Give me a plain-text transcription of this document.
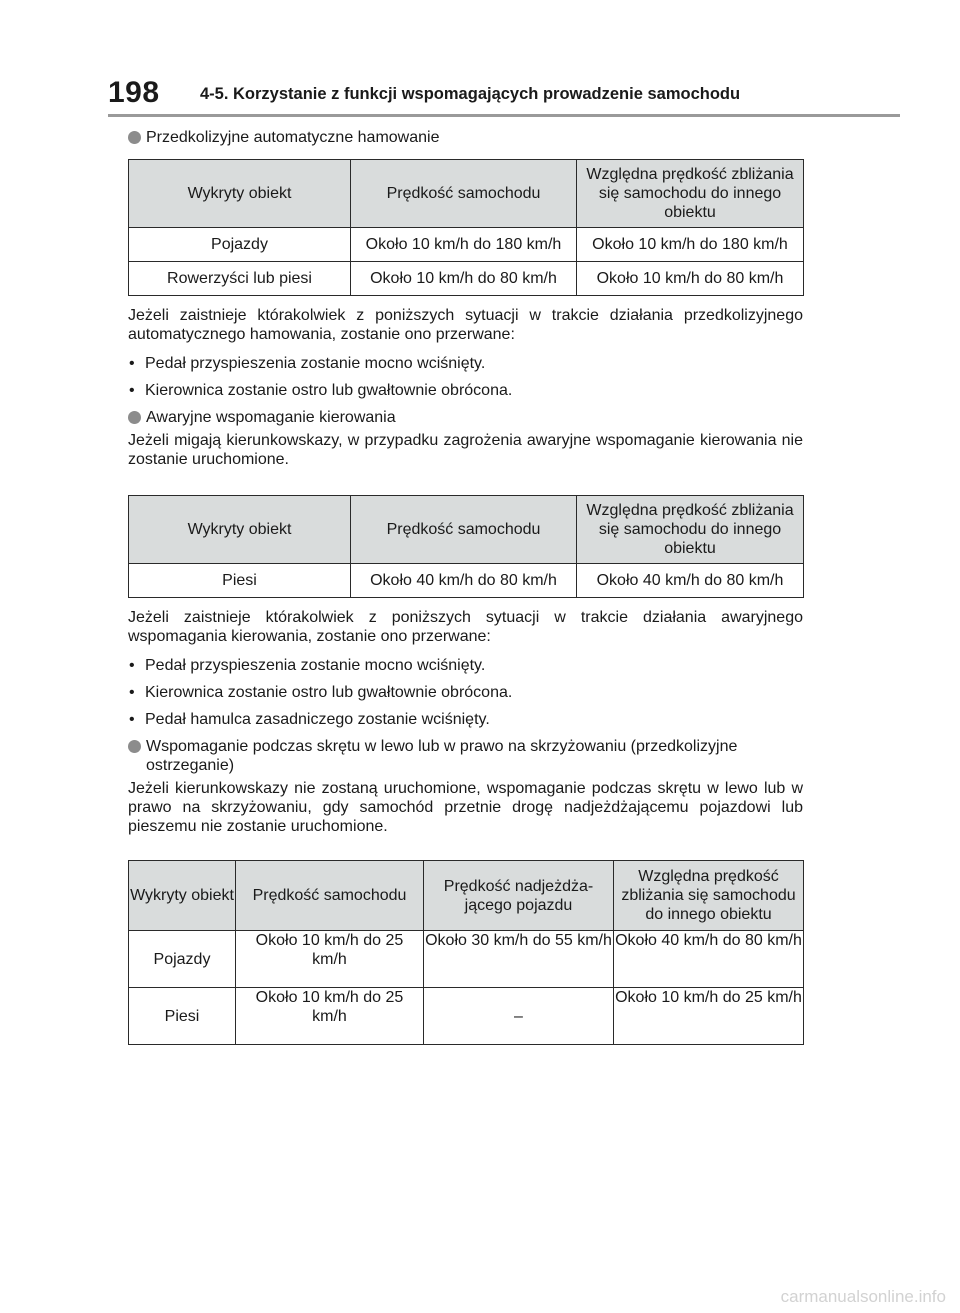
198 4-5. Korzystanie z funkcji wspomagających prowadzenie samochodu
Przedkolizyjne automatyczne hamowanie
Wykryty obiekt	Prędkość samochodu	Względna prędkość zbliżania się samochodu do innego obiektu
Pojazdy	Około 10 km/h do 180 km/h	Około 10 km/h do 180 km/h
Rowerzyści lub piesi	Około 10 km/h do 80 km/h	Około 10 km/h do 80 km/h

Jeżeli zaistnieje którakolwiek z poniższych sytuacji w trakcie działania przedkolizyjnego automatycznego hamowania, zostanie ono przerwane:

• Pedał przyspieszenia zostanie mocno wciśnięty.
• Kierownica zostanie ostro lub gwałtownie obrócona.
Awaryjne wspomaganie kierowania

Jeżeli migają kierunkowskazy, w przypadku zagrożenia awaryjne wspomaganie kierowania nie zostanie uruchomione.

Wykryty obiekt	Prędkość samochodu	Względna prędkość zbliżania się samochodu do innego obiektu
Piesi	Około 40 km/h do 80 km/h	Około 40 km/h do 80 km/h

Jeżeli zaistnieje którakolwiek z poniższych sytuacji w trakcie działania awaryjnego wspomagania kierowania, zostanie ono przerwane:

• Pedał przyspieszenia zostanie mocno wciśnięty.
• Kierownica zostanie ostro lub gwałtownie obrócona.
• Pedał hamulca zasadniczego zostanie wciśnięty.
Wspomaganie podczas skrętu w lewo lub w prawo na skrzyżowaniu (przedkolizyjne ostrzeganie)

Jeżeli kierunkowskazy nie zostaną uruchomione, wspomaganie podczas skrętu w lewo lub w prawo na skrzyżowaniu, gdy samochód przetnie drogę nadjeżdżającemu pojazdowi lub pieszemu nie zostanie uruchomione.

Wykryty obiekt	Prędkość samochodu	Prędkość nadjeżdżającego pojazdu	Względna prędkość zbliżania się samochodu do innego obiektu
Pojazdy	Około 10 km/h do 25 km/h	Około 30 km/h do 55 km/h	Około 40 km/h do 80 km/h
Piesi	Około 10 km/h do 25 km/h	–	Około 10 km/h do 25 km/h
carmanualsonline.info
